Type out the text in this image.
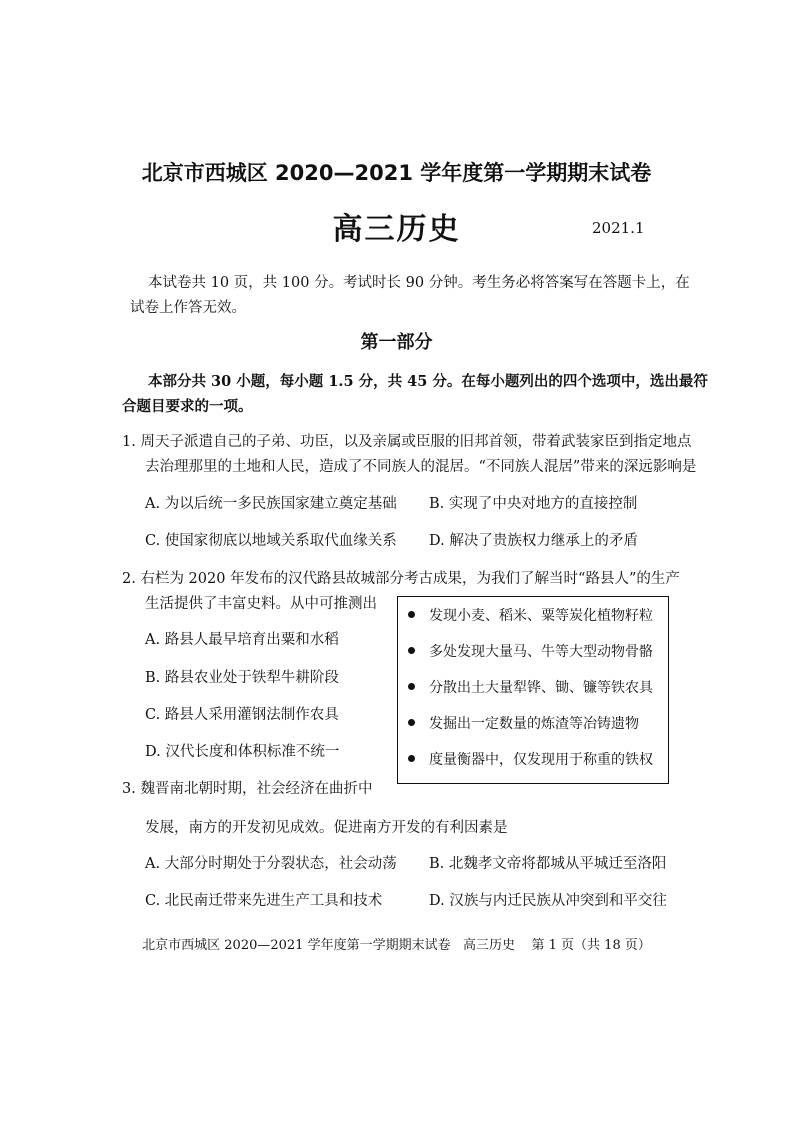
北京市西城区 2020—2021 学年度第一学期期末试卷
高三历史	2021.1
本试卷共 10 页，共 100 分。考试时长 90 分钟。考生务必将答案写在答题卡上，在
试卷上作答无效。
第一部分
本部分共 30 小题，每小题 1.5 分，共 45 分。在每小题列出的四个选项中，选出最符
合题目要求的一项。
1. 周天子派遣自己的子弟、功臣，以及亲属或臣服的旧邦首领，带着武装家臣到指定地点
去治理那里的土地和人民，造成了不同族人的混居。“不同族人混居”带来的深远影响是
A. 为以后统一多民族国家建立奠定基础 B. 实现了中央对地方的直接控制
C. 使国家彻底以地域关系取代血缘关系 D. 解决了贵族权力继承上的矛盾
2. 右栏为 2020 年发布的汉代路县故城部分考古成果，为我们了解当时“路县人”的生产
生活提供了丰富史料。从中可推测出
A. 路县人最早培育出粟和水稻
B. 路县农业处于铁犁牛耕阶段
C. 路县人采用灌钢法制作农具
D. 汉代长度和体积标准不统一
发现小麦、稻米、粟等炭化植物籽粒
多处发现大量马、牛等大型动物骨骼
分散出土大量犁铧、锄、镰等铁农具
发掘出一定数量的炼渣等冶铸遗物
度量衡器中，仅发现用于称重的铁权
3. 魏晋南北朝时期，社会经济在曲折中
发展，南方的开发初见成效。促进南方开发的有利因素是
A. 大部分时期处于分裂状态，社会动荡 B. 北魏孝文帝将都城从平城迁至洛阳
C. 北民南迁带来先进生产工具和技术	D. 汉族与内迁民族从冲突到和平交往
北京市西城区 2020—2021 学年度第一学期期末试卷   高三历史    第 1 页（共 18 页）
